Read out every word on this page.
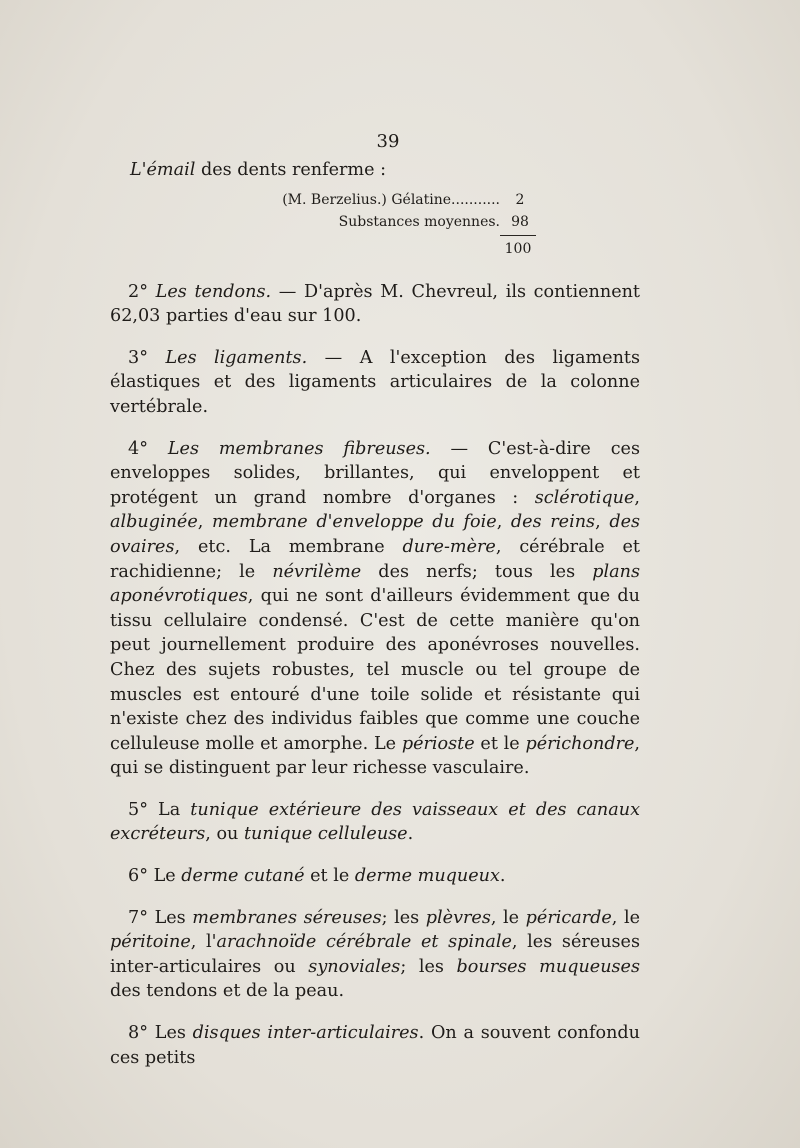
39

L'émail des dents renferme :

(M. Berzelius.) Gélatine...........	2
Substances moyennes. 98
100

2° Les tendons. — D'après M. Chevreul, ils contiennent 62,03 parties d'eau sur 100.

3° Les ligaments. — A l'exception des ligaments élastiques et des ligaments articulaires de la colonne vertébrale.

4° Les membranes fibreuses. — C'est-à-dire ces enveloppes solides, brillantes, qui enveloppent et protégent un grand nombre d'organes : sclérotique, albuginée, membrane d'enveloppe du foie, des reins, des ovaires, etc. La membrane dure-mère, cérébrale et rachidienne; le névrilème des nerfs; tous les plans aponévrotiques, qui ne sont d'ailleurs évidemment que du tissu cellulaire condensé. C'est de cette manière qu'on peut journellement produire des aponévroses nouvelles. Chez des sujets robustes, tel muscle ou tel groupe de muscles est entouré d'une toile solide et résistante qui n'existe chez des individus faibles que comme une couche celluleuse molle et amorphe. Le périoste et le périchondre, qui se distinguent par leur richesse vasculaire.

5° La tunique extérieure des vaisseaux et des canaux excréteurs, ou tunique celluleuse.

6° Le derme cutané et le derme muqueux.

7° Les membranes séreuses; les plèvres, le péricarde, le péritoine, l'arachnoïde cérébrale et spinale, les séreuses inter-articulaires ou synoviales; les bourses muqueuses des tendons et de la peau.

8° Les disques inter-articulaires. On a souvent confondu ces petits
